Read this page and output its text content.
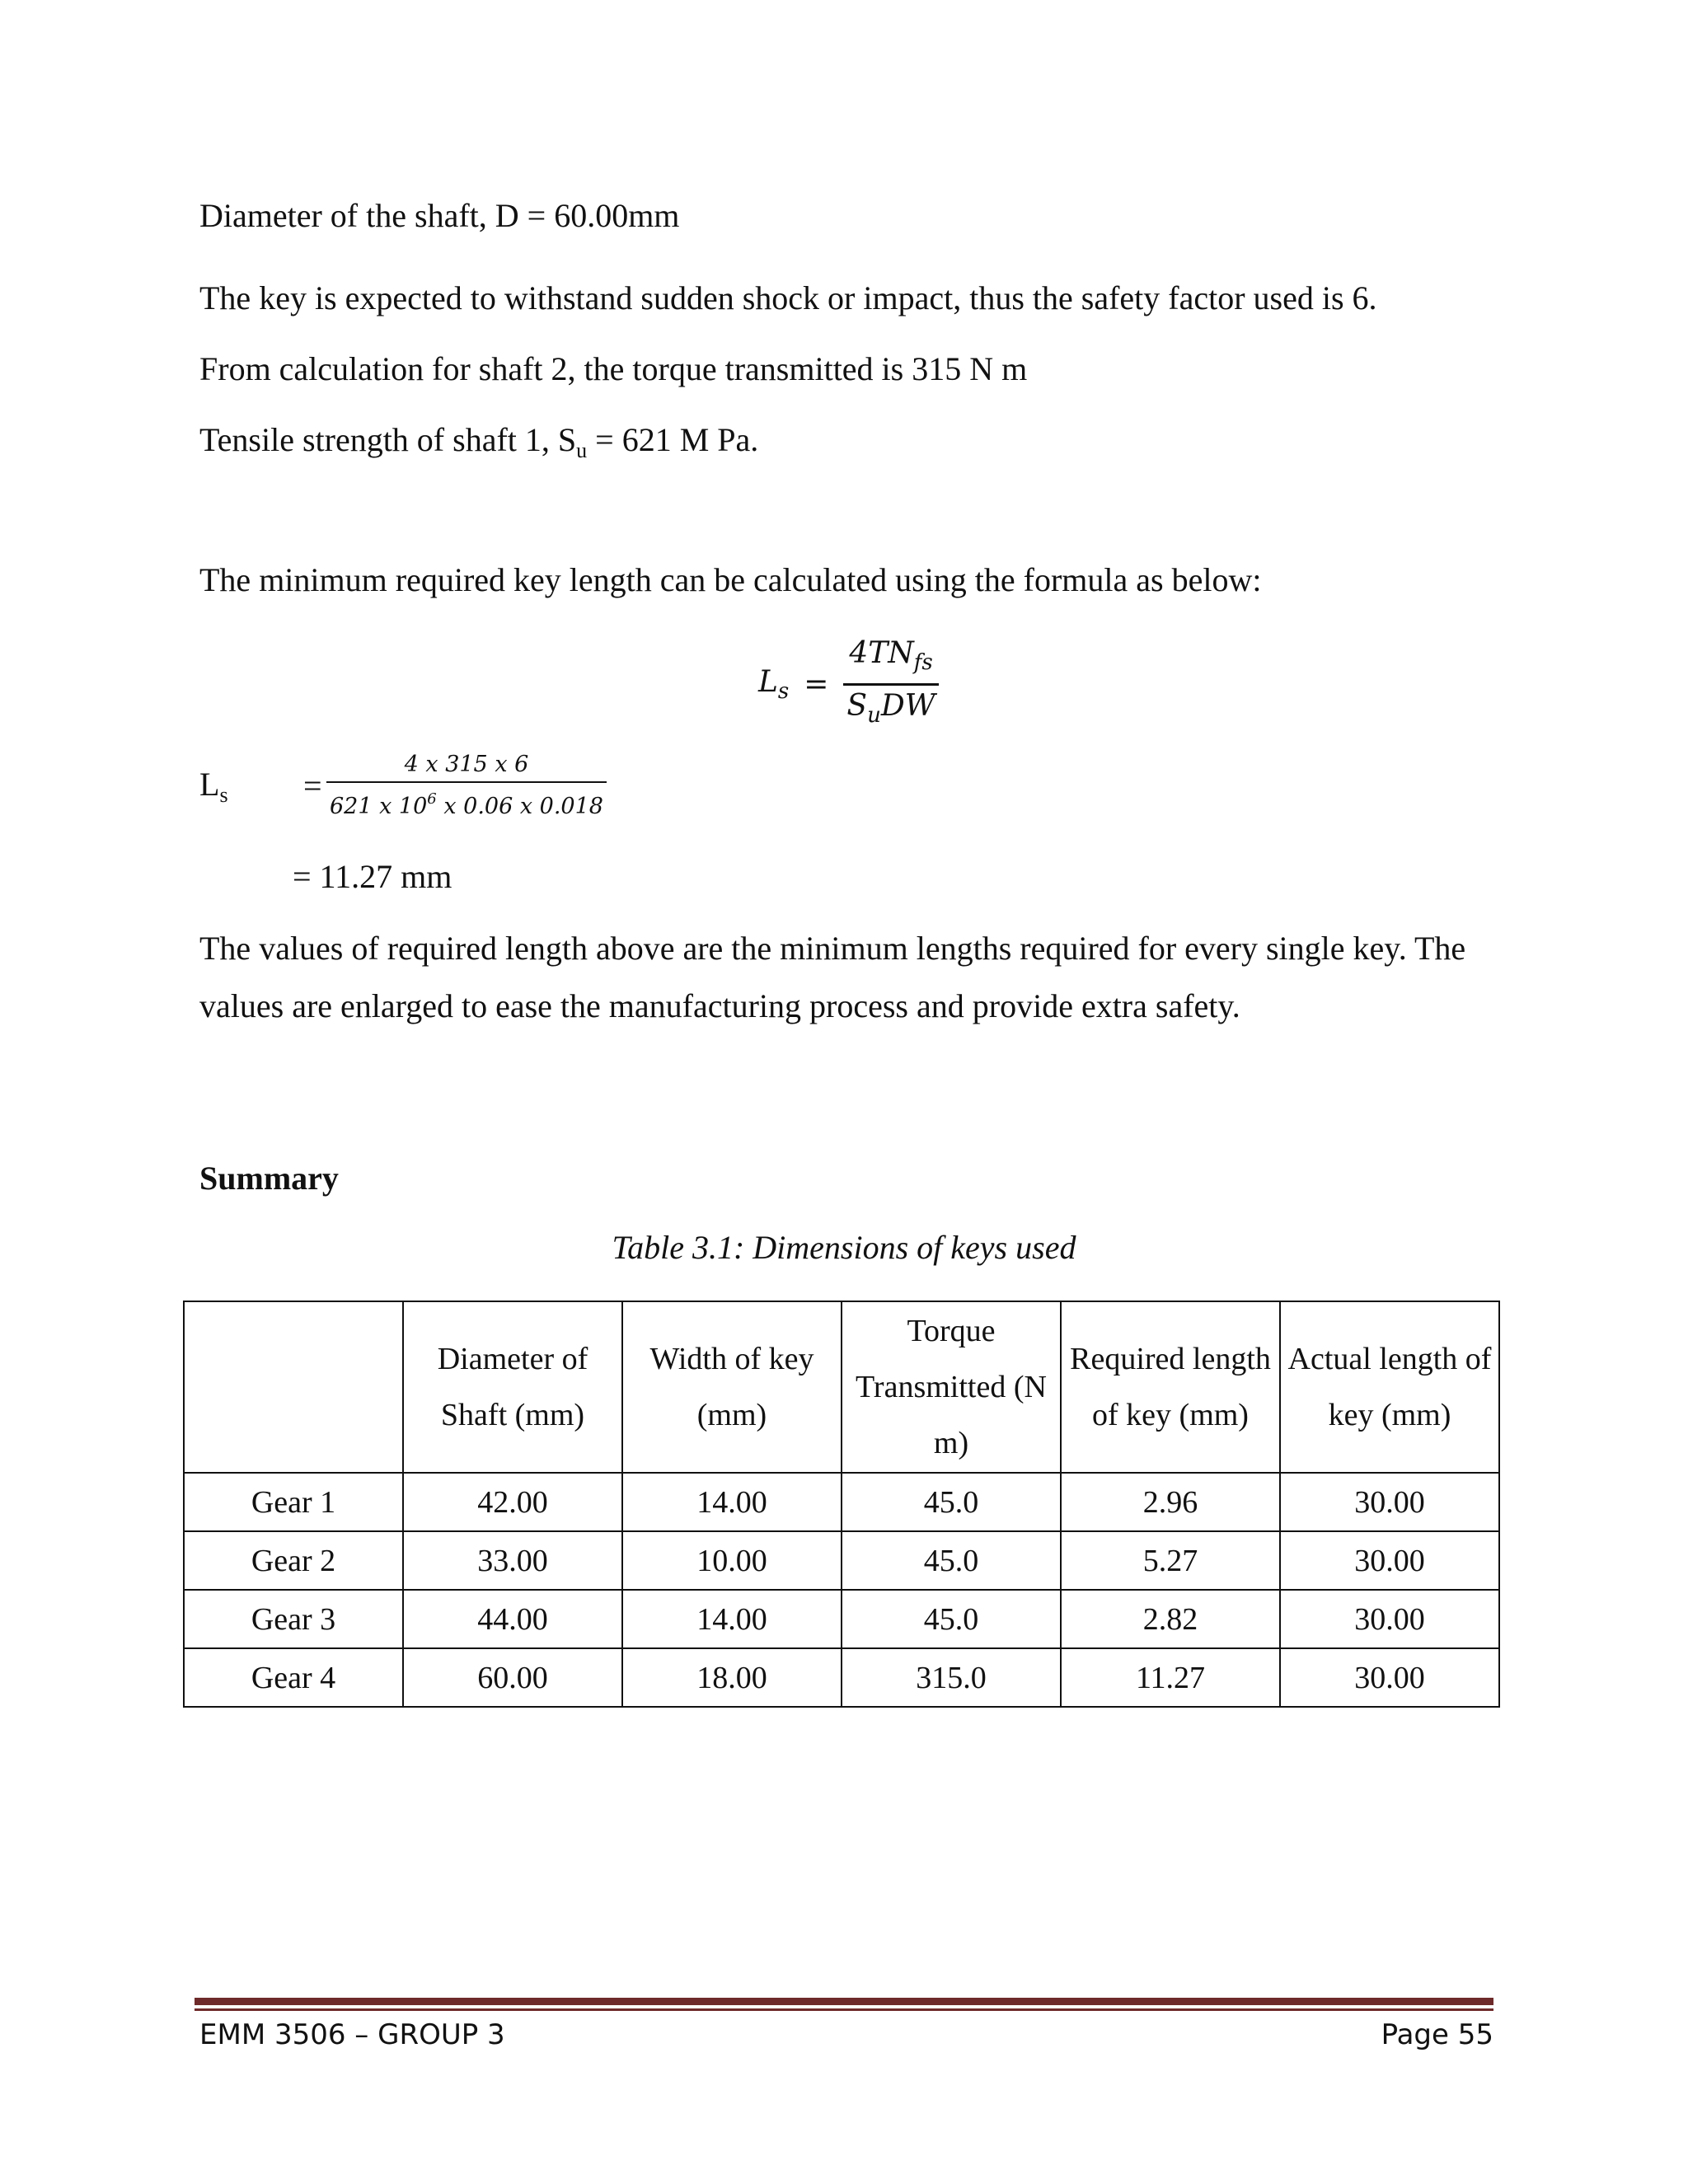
Diameter of the shaft, D = 60.00mm
The key is expected to withstand sudden shock or impact, thus the safety factor used is 6.
From calculation for shaft 2, the torque transmitted is 315 N m
Tensile strength of shaft 1, $S_u = 621$ M Pa.
The minimum required key length can be calculated using the formula as below:
$L_s = \frac{4TN_{fs}}{S_uDW}$
$L_s$ =
4 x 315 x 6
621 x $10^6$ x 0.06 x 0.018
= 11.27 mm
The values of required length above are the minimum lengths required for every single key. The values are enlarged to ease the manufacturing process and provide extra safety.
Summary
Table 3.1: Dimensions of keys used
	Diameter of Shaft (mm)	Width of key (mm)	Torque Transmitted (N m)	Required length of key (mm)	Actual length of key (mm)
Gear 1	42.00	14.00	45.0	2.96	30.00
Gear 2	33.00	10.00	45.0	5.27	30.00
Gear 3	44.00	14.00	45.0	2.82	30.00
Gear 4	60.00	18.00	315.0	11.27	30.00
EMM 3506 – GROUP 3	Page 55
